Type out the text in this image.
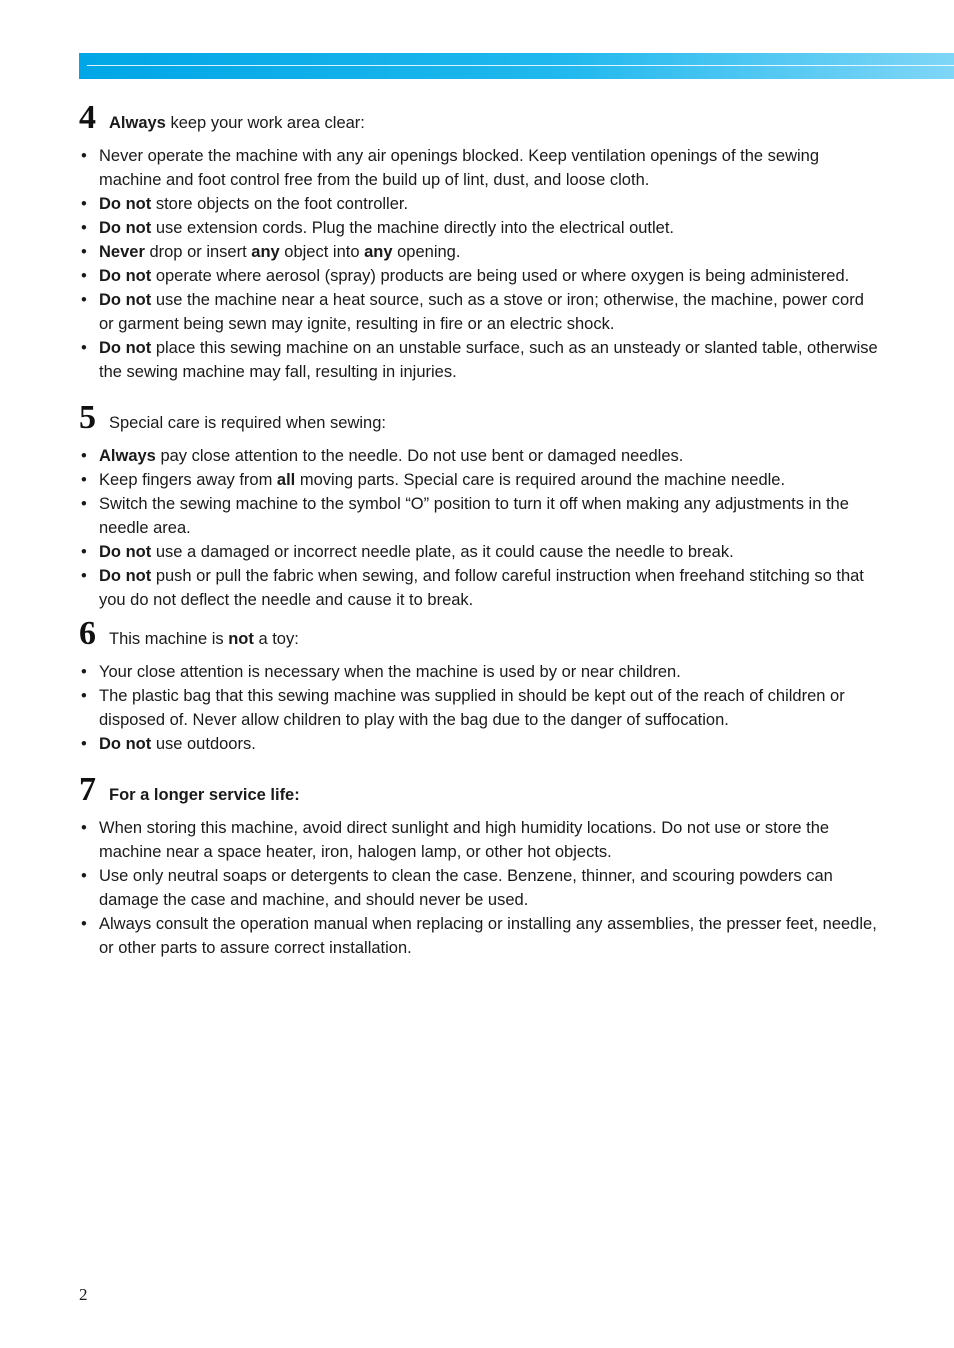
4 Always keep your work area clear:
• Never operate the machine with any air openings blocked. Keep ventilation openings of the sewing machine and foot control free from the build up of lint, dust, and loose cloth.
• Do not store objects on the foot controller.
• Do not use extension cords. Plug the machine directly into the electrical outlet.
• Never drop or insert any object into any opening.
• Do not operate where aerosol (spray) products are being used or where oxygen is being administered.
• Do not use the machine near a heat source, such as a stove or iron; otherwise, the machine, power cord or garment being sewn may ignite, resulting in fire or an electric shock.
• Do not place this sewing machine on an unstable surface, such as an unsteady or slanted table, otherwise the sewing machine may fall, resulting in injuries.
5 Special care is required when sewing:
• Always pay close attention to the needle. Do not use bent or damaged needles.
• Keep fingers away from all moving parts. Special care is required around the machine needle.
• Switch the sewing machine to the symbol “O” position to turn it off when making any adjustments in the needle area.
• Do not use a damaged or incorrect needle plate, as it could cause the needle to break.
• Do not push or pull the fabric when sewing, and follow careful instruction when freehand stitching so that you do not deflect the needle and cause it to break.
6 This machine is not a toy:
• Your close attention is necessary when the machine is used by or near children.
• The plastic bag that this sewing machine was supplied in should be kept out of the reach of children or disposed of. Never allow children to play with the bag due to the danger of suffocation.
• Do not use outdoors.
7 For a longer service life:
• When storing this machine, avoid direct sunlight and high humidity locations. Do not use or store the machine near a space heater, iron, halogen lamp, or other hot objects.
• Use only neutral soaps or detergents to clean the case. Benzene, thinner, and scouring powders can damage the case and machine, and should never be used.
• Always consult the operation manual when replacing or installing any assemblies, the presser feet, needle, or other parts to assure correct installation.
2
